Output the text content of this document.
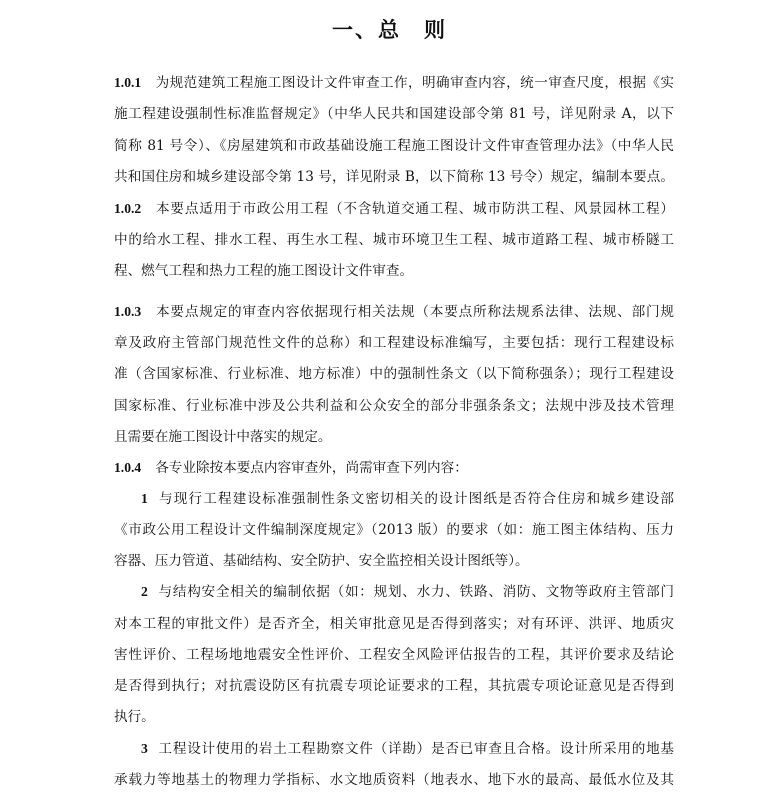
一、总　则
1.0.1 为规范建筑工程施工图设计文件审查工作，明确审查内容，统一审查尺度，根据《实
施工程建设强制性标准监督规定》（中华人民共和国建设部令第 81 号，详见附录 A，以下
简称 81 号令）、《房屋建筑和市政基础设施工程施工图设计文件审查管理办法》（中华人民
共和国住房和城乡建设部令第 13 号，详见附录 B，以下简称 13 号令）规定，编制本要点。
1.0.2 本要点适用于市政公用工程（不含轨道交通工程、城市防洪工程、风景园林工程）
中的给水工程、排水工程、再生水工程、城市环境卫生工程、城市道路工程、城市桥隧工
程、燃气工程和热力工程的施工图设计文件审查。
1.0.3 本要点规定的审查内容依据现行相关法规（本要点所称法规系法律、法规、部门规
章及政府主管部门规范性文件的总称）和工程建设标准编写，主要包括：现行工程建设标
准（含国家标准、行业标准、地方标准）中的强制性条文（以下简称强条）；现行工程建设
国家标准、行业标准中涉及公共利益和公众安全的部分非强条条文；法规中涉及技术管理
且需要在施工图设计中落实的规定。
1.0.4 各专业除按本要点内容审查外，尚需审查下列内容：
1 与现行工程建设标准强制性条文密切相关的设计图纸是否符合住房和城乡建设部
《市政公用工程设计文件编制深度规定》（2013 版）的要求（如：施工图主体结构、压力
容器、压力管道、基础结构、安全防护、安全监控相关设计图纸等）。
2 与结构安全相关的编制依据（如：规划、水力、铁路、消防、文物等政府主管部门
对本工程的审批文件）是否齐全，相关审批意见是否得到落实；对有环评、洪评、地质灾
害性评价、工程场地地震安全性评价、工程安全风险评估报告的工程，其评价要求及结论
是否得到执行；对抗震设防区有抗震专项论证要求的工程，其抗震专项论证意见是否得到
执行。
3 工程设计使用的岩土工程勘察文件（详勘）是否已审查且合格。设计所采用的地基
承载力等地基土的物理力学指标、水文地质资料（地表水、地下水的最高、最低水位及其
